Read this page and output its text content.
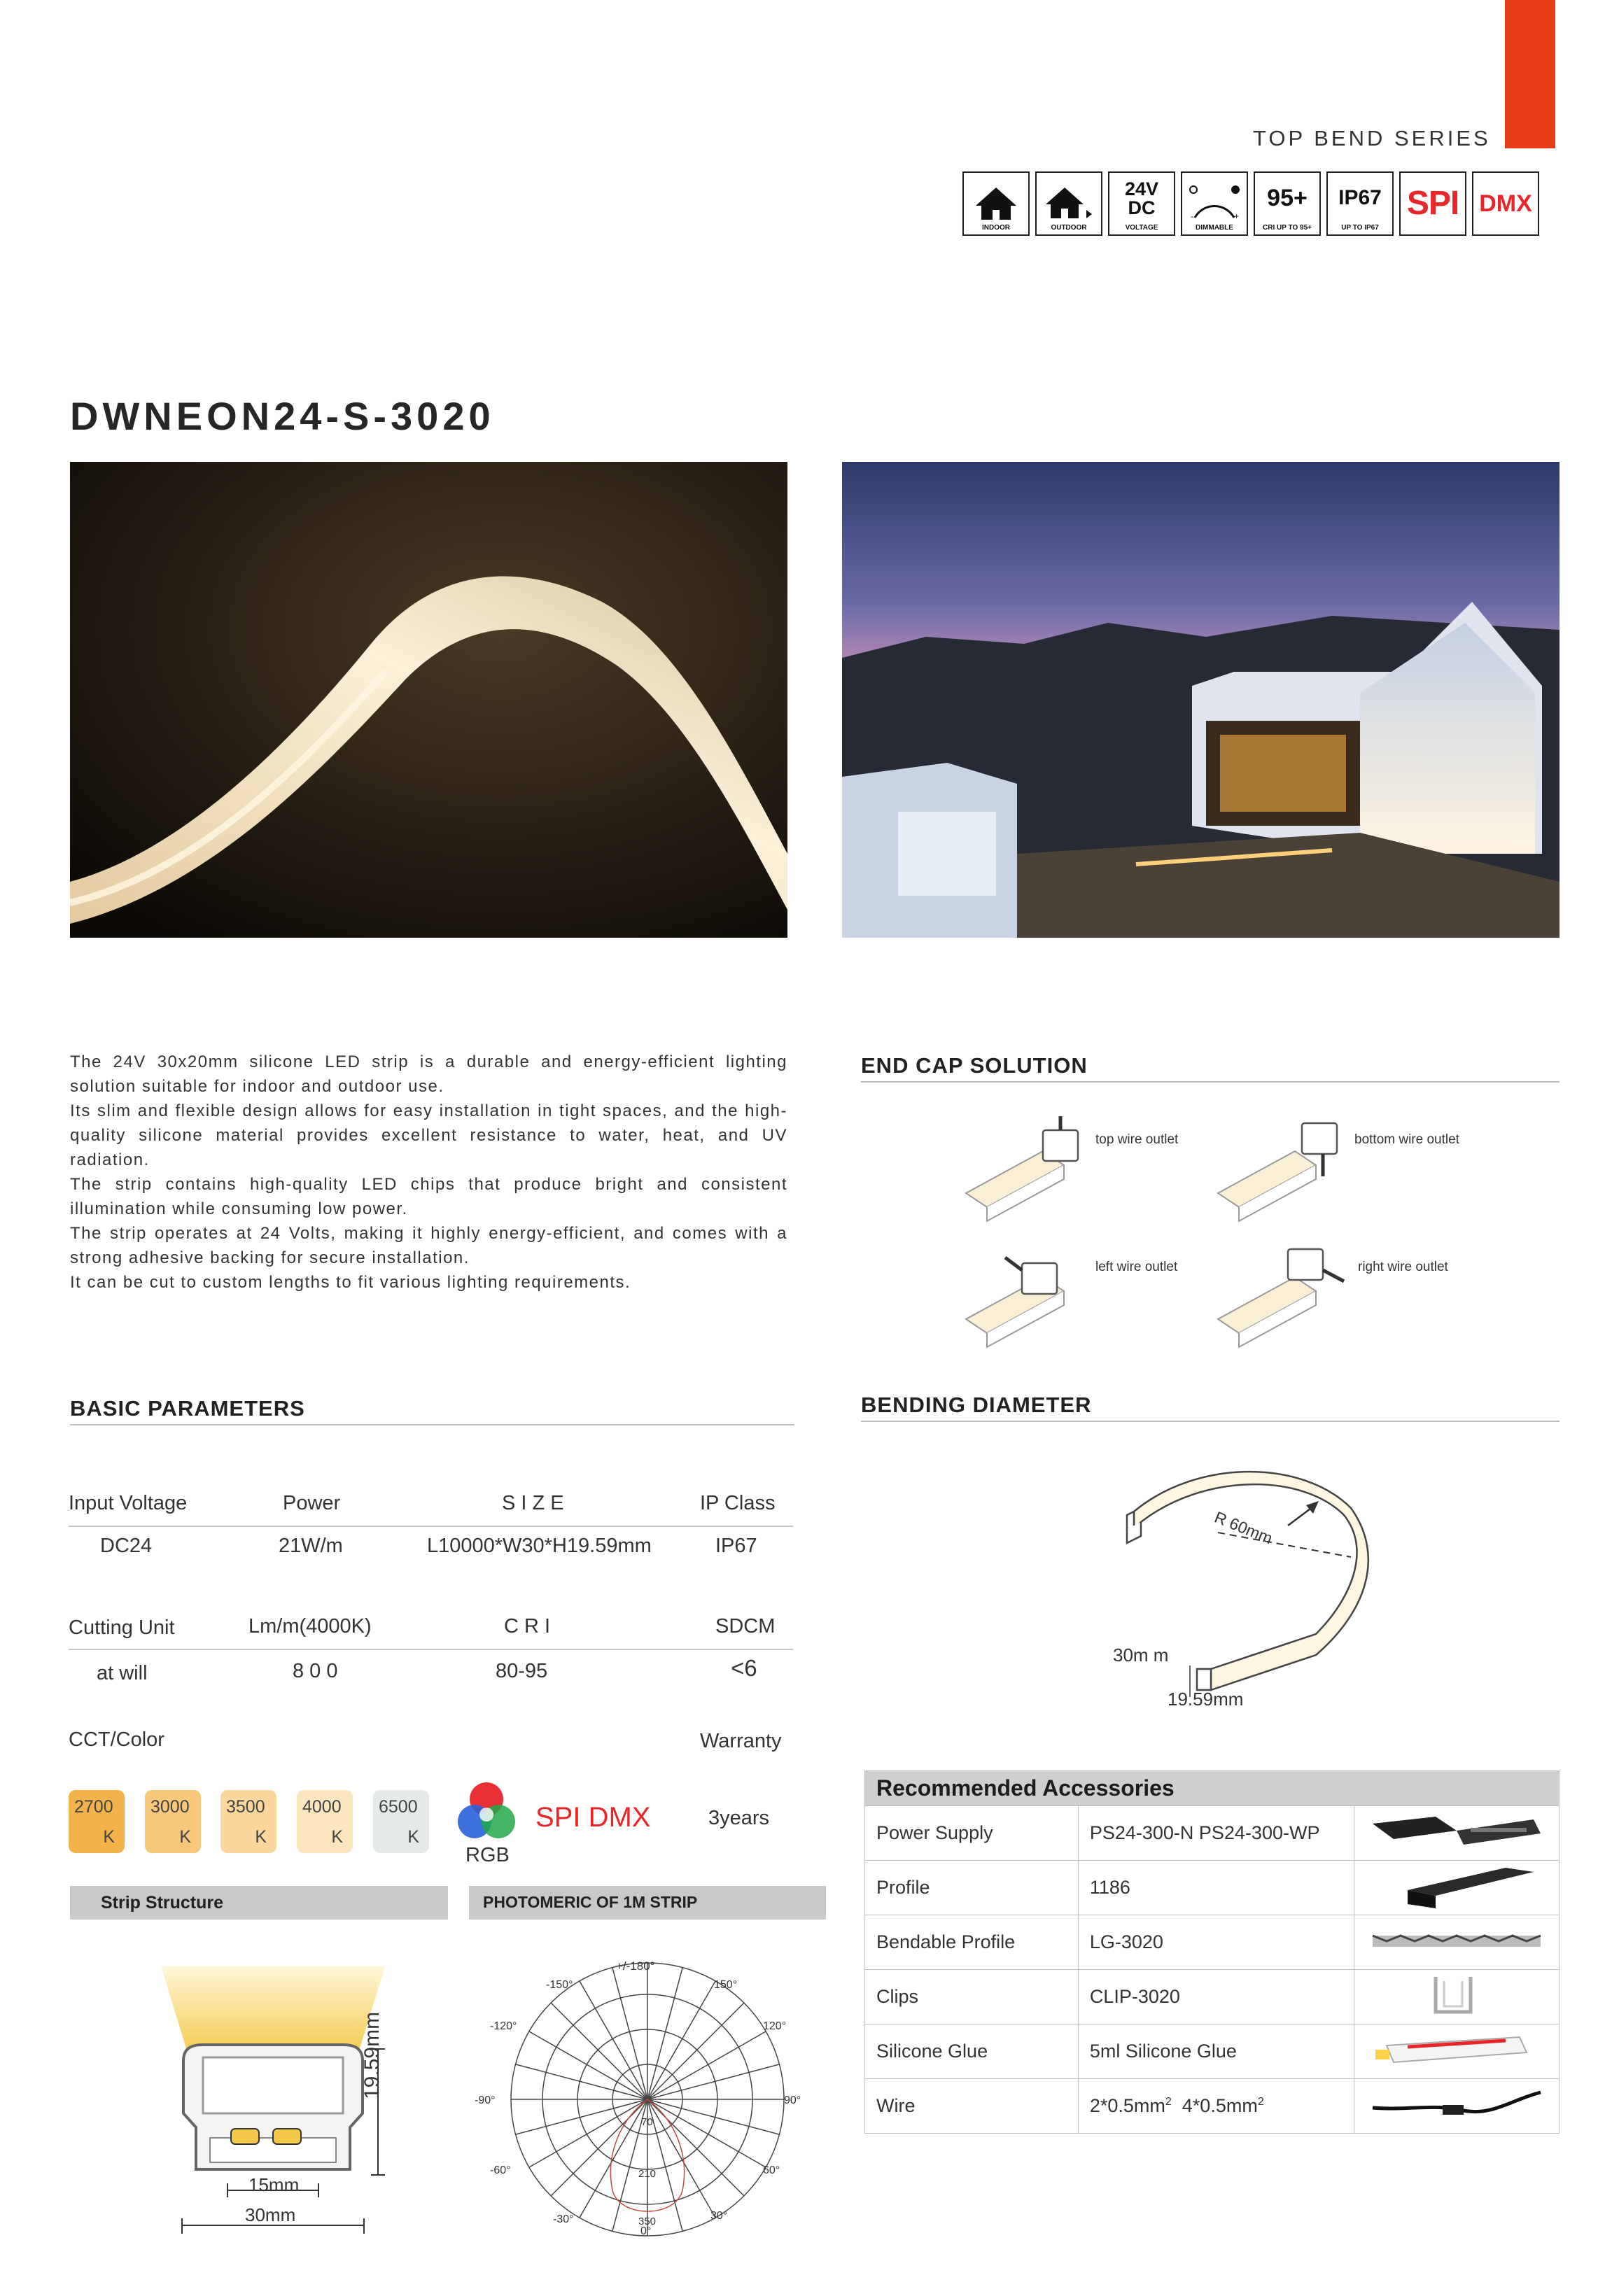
TOP BEND SERIES
INDOOR	OUTDOOR
24V
DC
VOLTAGE
-	+
DIMMABLE
95+
CRI UP TO 95+
IP67
UP TO IP67
SPI DMX
DWNEON24-S-3020

The 24V 30x20mm silicone LED strip is a durable and energy-efficient lighting solution suitable for indoor and outdoor use.

Its slim and flexible design allows for easy installation in tight spaces, and the high-quality silicone material provides excellent resistance to water, heat, and UV radiation.

The strip contains high-quality LED chips that produce bright and consistent illumination while consuming low power.

The strip operates at 24 Volts, making it highly energy-efficient, and comes with a strong adhesive backing for secure installation.

It can be cut to custom lengths to fit various lighting requirements.

END CAP SOLUTION
top wire outlet	bottom wire outlet
left wire outlet	right wire outlet
BASIC PARAMETERS
Input Voltage	Power	S I Z E	IP Class
DC24	21W/m	L10000*W30*H19.59mm	IP67
Cutting Unit	Lm/m(4000K)	C R I	SDCM
at will	8 0 0	80-95	<6
CCT/Color	Warranty
2700
K
3000
K
3500
K
4000
K
6500
K
RGB
SPI DMX	3years
BENDING DIAMETER
R 60mm
30m m
19.59mm
Recommended Accessories		
Power Supply	PS24-300-N PS24-300-WP	
Profile	1186	
Bendable Profile	LG-3020	
Clips	CLIP-3020	
Silicone Glue	5ml Silicone Glue	
Wire	$2*0.5mm^2$ $4*0.5mm^2$	
Strip Structure
19.59mm
15mm
30mm
PHOTOMERIC OF 1M STRIP
+/-180°
-150°	150°
-120°	120°
-90°	90°
-60°	60°
-30°	30°
0°
70
210
350
